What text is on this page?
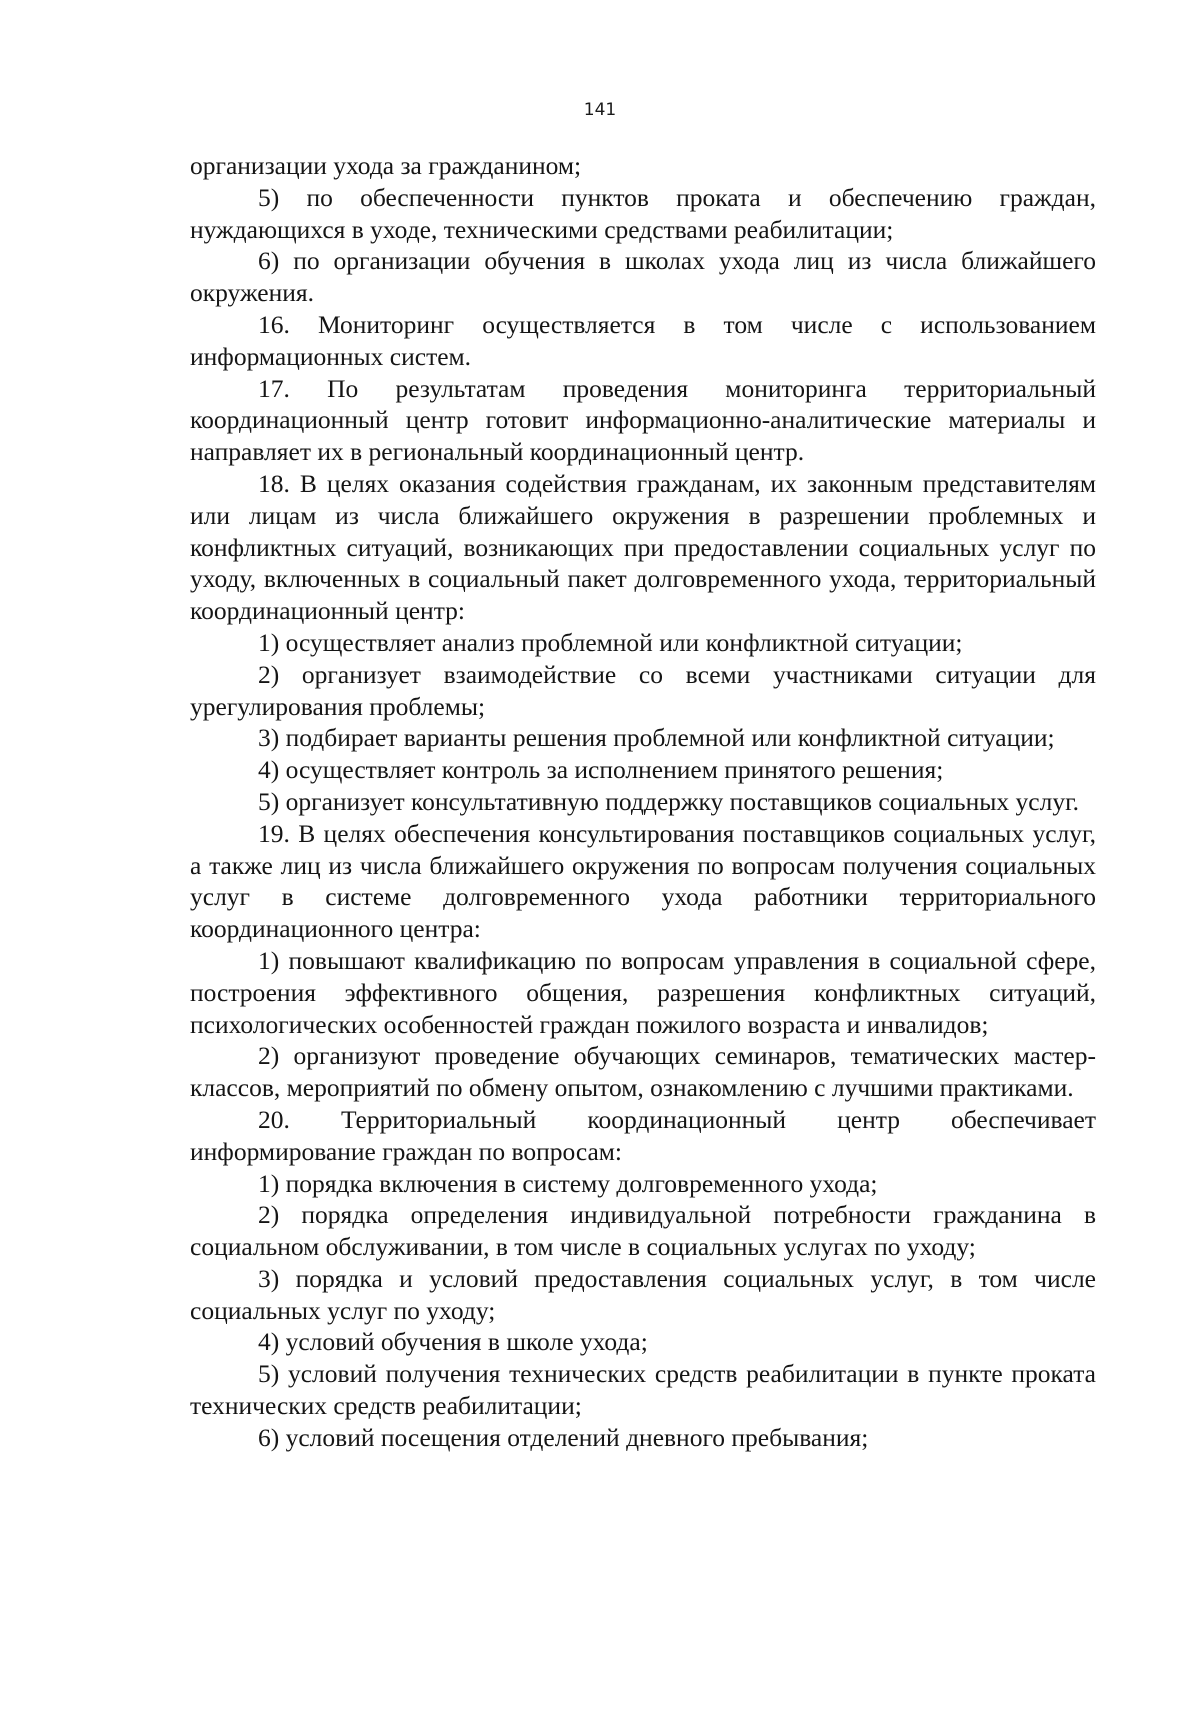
141

организации ухода за гражданином;

5) по обеспеченности пунктов проката и обеспечению граждан, нуждающихся в уходе, техническими средствами реабилитации;

6) по организации обучения в школах ухода лиц из числа ближайшего окружения.

16. Мониторинг осуществляется в том числе с использованием информационных систем.

17. По результатам проведения мониторинга территориальный координационный центр готовит информационно-аналитические материалы и направляет их в региональный координационный центр.

18. В целях оказания содействия гражданам, их законным представителям или лицам из числа ближайшего окружения в разрешении проблемных и конфликтных ситуаций, возникающих при предоставлении социальных услуг по уходу, включенных в социальный пакет долговременного ухода, территориальный координационный центр:

1) осуществляет анализ проблемной или конфликтной ситуации;

2) организует взаимодействие со всеми участниками ситуации для урегулирования проблемы;

3) подбирает варианты решения проблемной или конфликтной ситуации;

4) осуществляет контроль за исполнением принятого решения;

5) организует консультативную поддержку поставщиков социальных услуг.

19. В целях обеспечения консультирования поставщиков социальных услуг, а также лиц из числа ближайшего окружения по вопросам получения социальных услуг в системе долговременного ухода работники территориального координационного центра:

1) повышают квалификацию по вопросам управления в социальной сфере, построения эффективного общения, разрешения конфликтных ситуаций, психологических особенностей граждан пожилого возраста и инвалидов;

2) организуют проведение обучающих семинаров, тематических мастер-классов, мероприятий по обмену опытом, ознакомлению с лучшими практиками.

20. Территориальный координационный центр обеспечивает информирование граждан по вопросам:

1) порядка включения в систему долговременного ухода;

2) порядка определения индивидуальной потребности гражданина в социальном обслуживании, в том числе в социальных услугах по уходу;

3) порядка и условий предоставления социальных услуг, в том числе социальных услуг по уходу;

4) условий обучения в школе ухода;

5) условий получения технических средств реабилитации в пункте проката технических средств реабилитации;

6) условий посещения отделений дневного пребывания;
